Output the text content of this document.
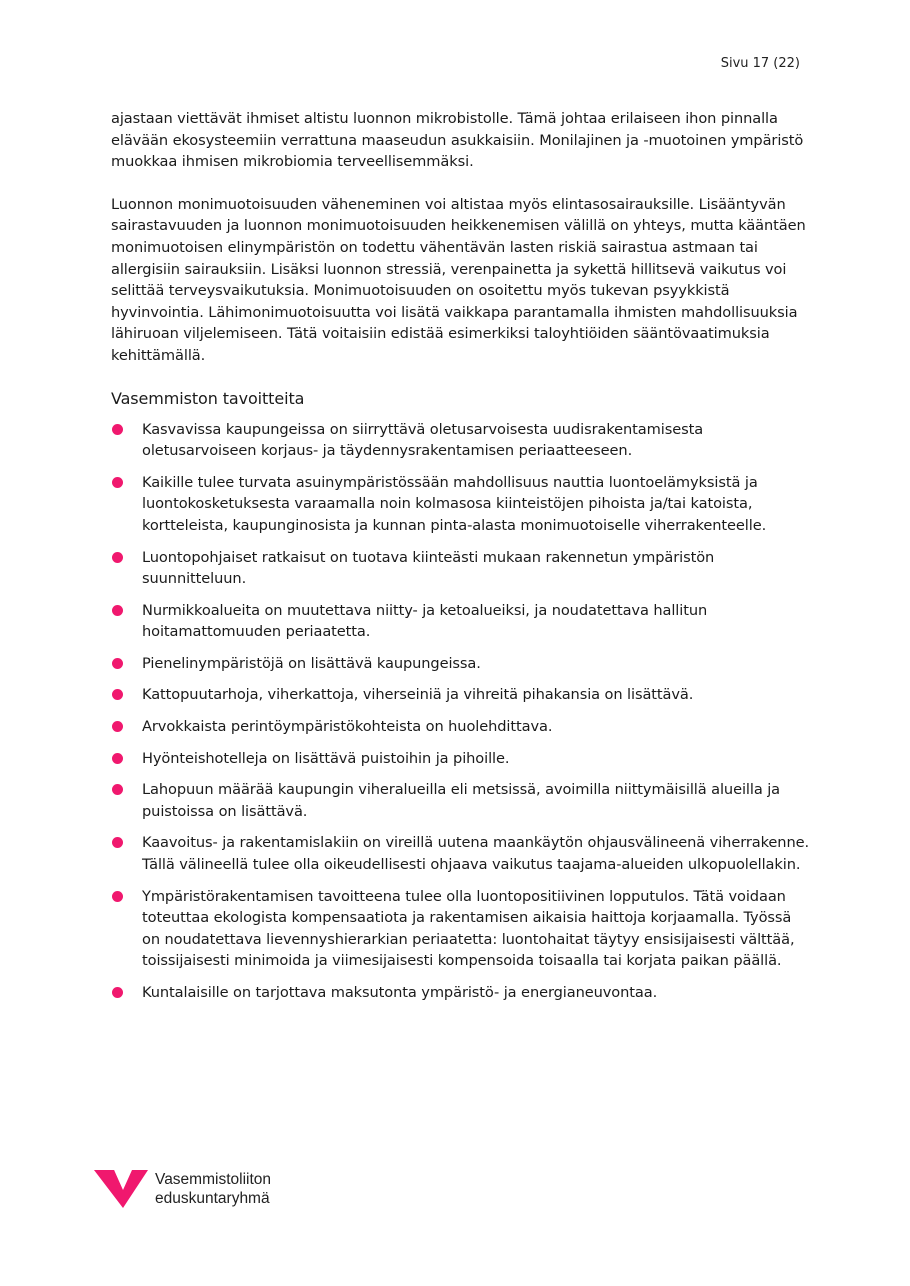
Sivu 17 (22)

ajastaan viettävät ihmiset altistu luonnon mikrobistolle. Tämä johtaa erilaiseen ihon pinnalla elävään ekosysteemiin verrattuna maaseudun asukkaisiin. Monilajinen ja -muotoinen ympäristö muokkaa ihmisen mikrobiomia terveellisemmäksi.

Luonnon monimuotoisuuden väheneminen voi altistaa myös elintasosairauksille. Lisääntyvän sairastavuuden ja luonnon monimuotoisuuden heikkenemisen välillä on yhteys, mutta kääntäen monimuotoisen elinympäristön on todettu vähentävän lasten riskiä sairastua astmaan tai allergisiin sairauksiin. Lisäksi luonnon stressiä, verenpainetta ja sykettä hillitsevä vaikutus voi selittää terveysvaikutuksia. Monimuotoisuuden on osoitettu myös tukevan psyykkistä hyvinvointia. Lähimonimuotoisuutta voi lisätä vaikkapa parantamalla ihmisten mahdollisuuksia lähiruoan viljelemiseen. Tätä voitaisiin edistää esimerkiksi taloyhtiöiden sääntövaatimuksia kehittämällä.

Vasemmiston tavoitteita
Kasvavissa kaupungeissa on siirryttävä oletusarvoisesta uudisrakentamisesta oletusarvoiseen korjaus- ja täydennysrakentamisen periaatteeseen.
Kaikille tulee turvata asuinympäristössään mahdollisuus nauttia luontoelämyksistä ja luontokosketuksesta varaamalla noin kolmasosa kiinteistöjen pihoista ja/tai katoista, kortteleista, kaupunginosista ja kunnan pinta-alasta monimuotoiselle viherrakenteelle.
Luontopohjaiset ratkaisut on tuotava kiinteästi mukaan rakennetun ympäristön suunnitteluun.
Nurmikkoalueita on muutettava niitty- ja ketoalueiksi, ja noudatettava hallitun hoitamattomuuden periaatetta.
Pienelinympäristöjä on lisättävä kaupungeissa.
Kattopuutarhoja, viherkattoja, viherseiniä ja vihreitä pihakansia on lisättävä.
Arvokkaista perintöympäristökohteista on huolehdittava.
Hyönteishotelleja on lisättävä puistoihin ja pihoille.
Lahopuun määrää kaupungin viheralueilla eli metsissä, avoimilla niittymäisillä alueilla ja puistoissa on lisättävä.
Kaavoitus- ja rakentamislakiin on vireillä uutena maankäytön ohjausvälineenä viherrakenne. Tällä välineellä tulee olla oikeudellisesti ohjaava vaikutus taajama-alueiden ulkopuolellakin.
Ympäristörakentamisen tavoitteena tulee olla luontopositiivinen lopputulos. Tätä voidaan toteuttaa ekologista kompensaatiota ja rakentamisen aikaisia haittoja korjaamalla. Työssä on noudatettava lievennyshierarkian periaatetta: luontohaitat täytyy ensisijaisesti välttää, toissijaisesti minimoida ja viimesijaisesti kompensoida toisaalla tai korjata paikan päällä.
Kuntalaisille on tarjottava maksutonta ympäristö- ja energianeuvontaa.
Vasemmistoliiton
eduskuntaryhmä
